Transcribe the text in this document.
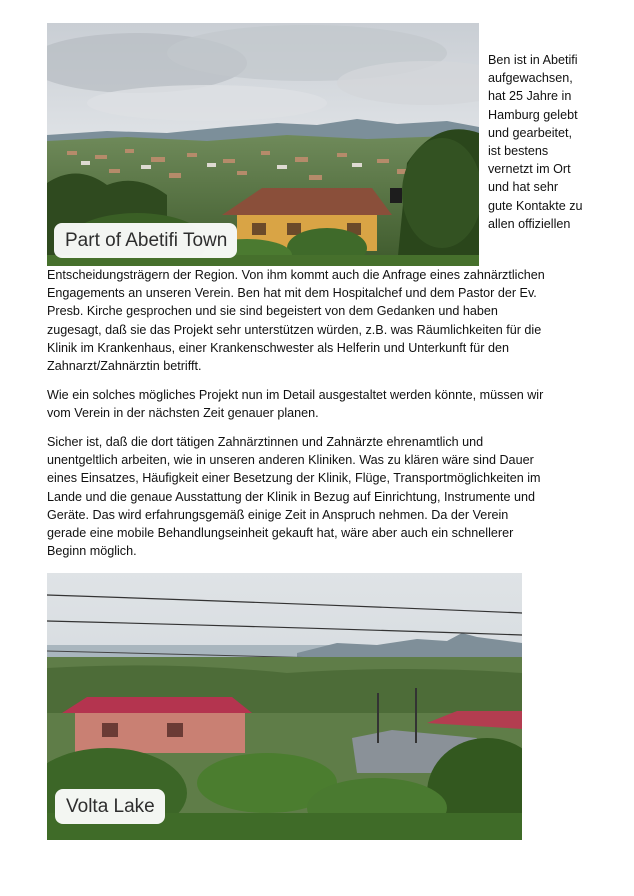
Part of Abetifi Town

Ben ist in Abetifi
aufgewachsen,
hat 25 Jahre in
Hamburg gelebt
und gearbeitet,
ist bestens
vernetzt im Ort
und hat sehr
gute Kontakte zu
allen offiziellen

Entscheidungsträgern der Region. Von ihm kommt auch die Anfrage eines zahnärztlichen
Engagements an unseren Verein. Ben hat mit dem Hospitalchef und dem Pastor der Ev.
Presb. Kirche gesprochen und sie sind begeistert von dem Gedanken und haben
zugesagt, daß sie das Projekt sehr unterstützen würden, z.B. was Räumlichkeiten für die
Klinik im Krankenhaus, einer Krankenschwester als Helferin und Unterkunft für den
Zahnarzt/Zahnärztin betrifft.

Wie ein solches mögliches Projekt nun im Detail ausgestaltet werden könnte, müssen wir
vom Verein in der nächsten Zeit genauer planen.

Sicher ist, daß die dort tätigen Zahnärztinnen und Zahnärzte ehrenamtlich und
unentgeltlich arbeiten, wie in unseren anderen Kliniken. Was zu klären wäre sind Dauer
eines Einsatzes, Häufigkeit einer Besetzung der Klinik, Flüge, Transportmöglichkeiten im
Lande und die genaue Ausstattung der Klinik in Bezug auf Einrichtung, Instrumente und
Geräte. Das wird erfahrungsgemäß einige Zeit in Anspruch nehmen. Da der Verein
gerade eine mobile Behandlungseinheit gekauft hat, wäre aber auch ein schnellerer
Beginn möglich.

Volta Lake
